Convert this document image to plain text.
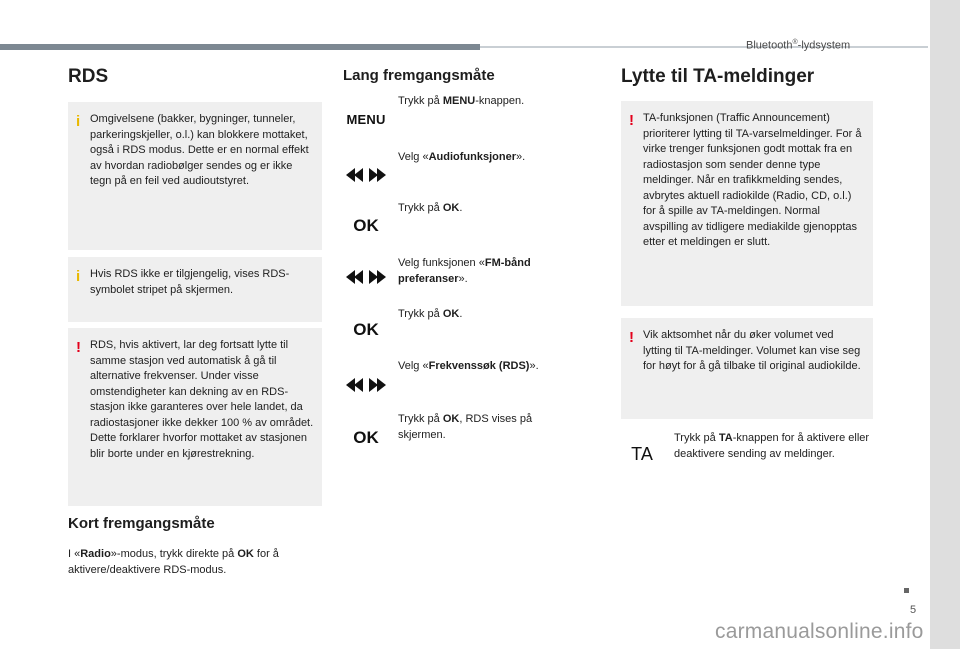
Bluetooth®-lydsystem
RDS
i Omgivelsene (bakker, bygninger, tunneler, parkeringskjeller, o.l.) kan blokkere mottaket, også i RDS modus. Dette er en normal effekt av hvordan radiobølger sendes og er ikke tegn på en feil ved audioutstyret.
i Hvis RDS ikke er tilgjengelig, vises RDS-symbolet stripet på skjermen.
! RDS, hvis aktivert, lar deg fortsatt lytte til samme stasjon ved automatisk å gå til alternative frekvenser. Under visse omstendigheter kan dekning av en RDS-stasjon ikke garanteres over hele landet, da radiostasjoner ikke dekker 100 % av området. Dette forklarer hvorfor mottaket av stasjonen blir borte under en kjørestrekning.
Kort fremgangsmåte
I «Radio»-modus, trykk direkte på OK for å aktivere/deaktivere RDS-modus.
Lang fremgangsmåte
MENU
Trykk på MENU-knappen.
Velg «Audiofunksjoner».
OK
Trykk på OK.
Velg funksjonen «FM-bånd preferanser».
OK
Trykk på OK.
Velg «Frekvenssøk (RDS)».
OK
Trykk på OK, RDS vises på skjermen.
Lytte til TA-meldinger
! TA-funksjonen (Traffic Announcement) prioriterer lytting til TA-varselmeldinger. For å virke trenger funksjonen godt mottak fra en radiostasjon som sender denne type meldinger. Når en trafikkmelding sendes, avbrytes aktuell radiokilde (Radio, CD, o.l.) for å spille av TA-meldingen. Normal avspilling av tidligere mediakilde gjenopptas etter et meldingen er slutt.
! Vik aktsomhet når du øker volumet ved lytting til TA-meldinger. Volumet kan vise seg for høyt for å gå tilbake til original audiokilde.
TA
Trykk på TA-knappen for å aktivere eller deaktivere sending av meldinger.
5
carmanualsonline.info
